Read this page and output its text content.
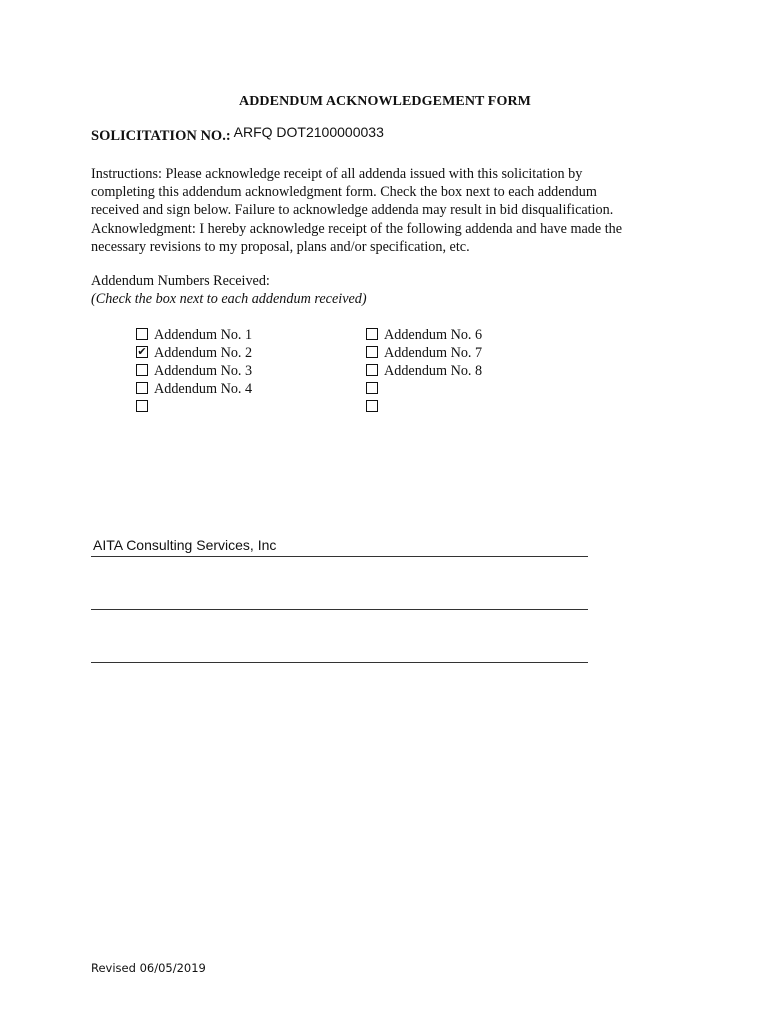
ADDENDUM ACKNOWLEDGEMENT FORM
SOLICITATION NO.: ARFQ DOT2100000033
Instructions: Please acknowledge receipt of all addenda issued with this solicitation by
completing this addendum acknowledgment form. Check the box next to each addendum
received and sign below. Failure to acknowledge addenda may result in bid disqualification.
Acknowledgment: I hereby acknowledge receipt of the following addenda and have made the
necessary revisions to my proposal, plans and/or specification, etc.
Addendum Numbers Received:
(Check the box next to each addendum received)
Addendum No. 1
✔ Addendum No. 2
Addendum No. 3
Addendum No. 4
Addendum No. 6
Addendum No. 7
Addendum No. 8
AITA Consulting Services, Inc
Revised 06/05/2019
